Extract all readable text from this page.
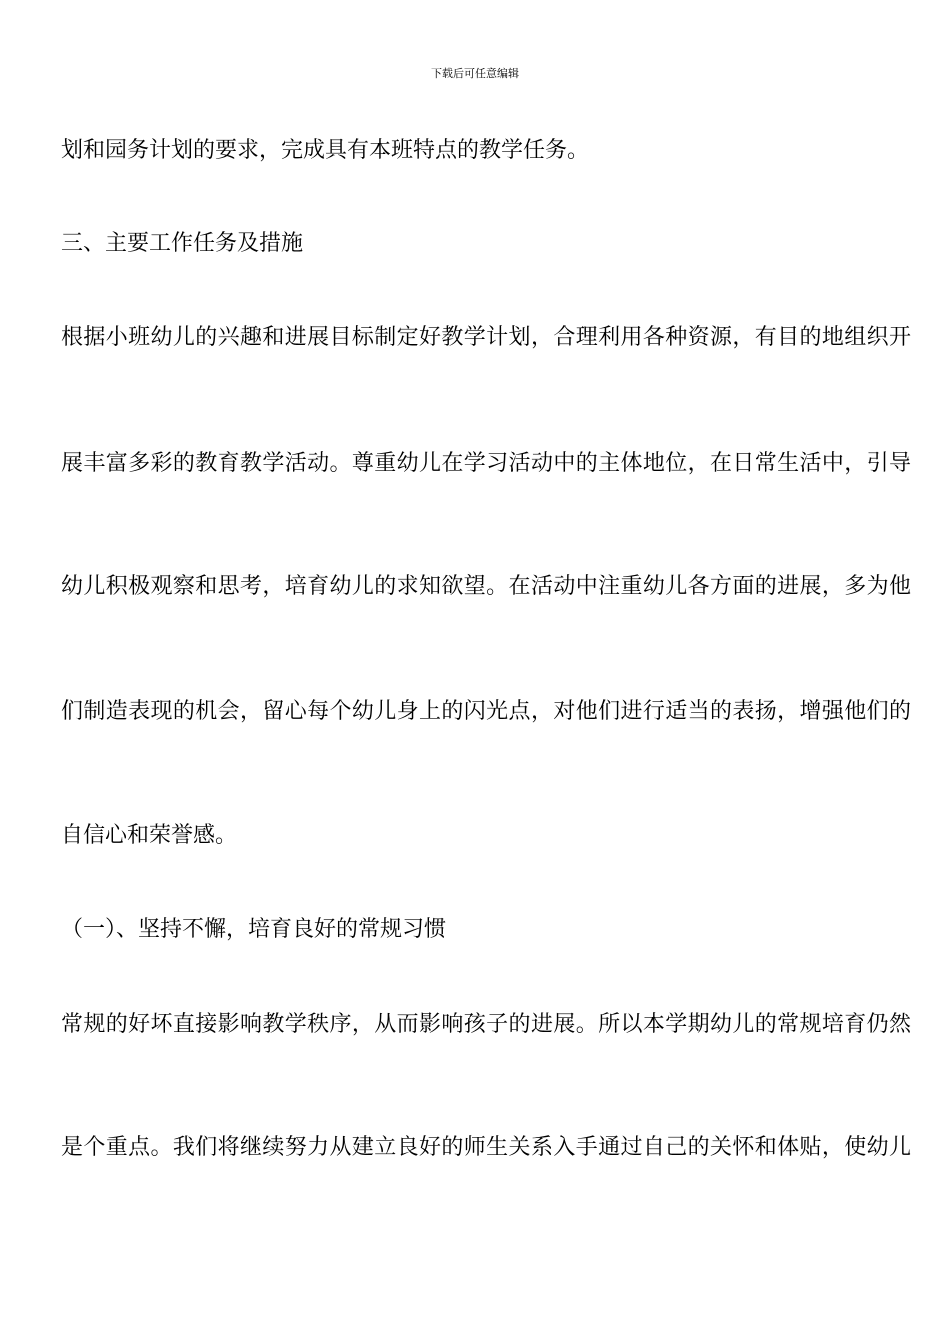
下载后可任意编辑
划和园务计划的要求，完成具有本班特点的教学任务。
三、主要工作任务及措施
根据小班幼儿的兴趣和进展目标制定好教学计划，合理利用各种资源，有目的地组织开
展丰富多彩的教育教学活动。尊重幼儿在学习活动中的主体地位，在日常生活中，引导
幼儿积极观察和思考，培育幼儿的求知欲望。在活动中注重幼儿各方面的进展，多为他
们制造表现的机会，留心每个幼儿身上的闪光点，对他们进行适当的表扬，增强他们的
自信心和荣誉感。
（一）、坚持不懈，培育良好的常规习惯
常规的好坏直接影响教学秩序，从而影响孩子的进展。所以本学期幼儿的常规培育仍然
是个重点。我们将继续努力从建立良好的师生关系入手通过自己的关怀和体贴，使幼儿
